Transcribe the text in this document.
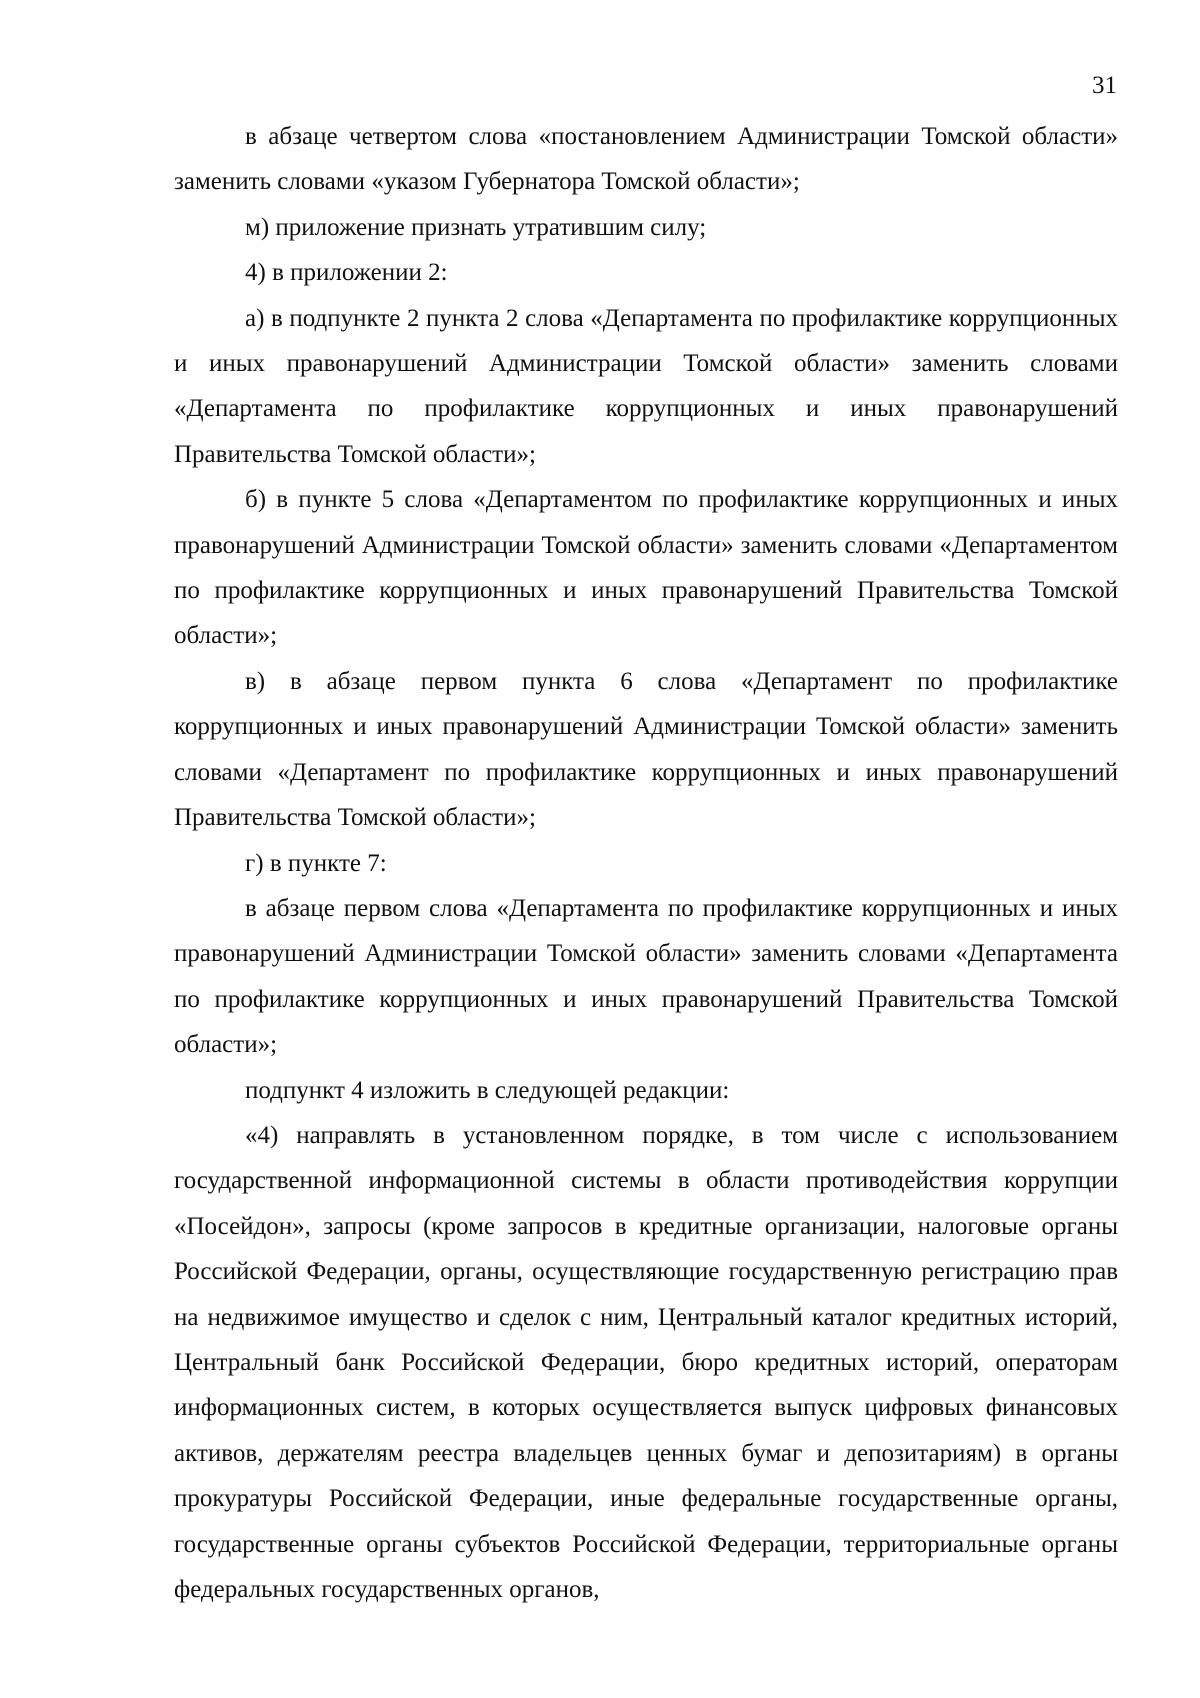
31

в абзаце четвертом слова «постановлением Администрации Томской области» заменить словами «указом Губернатора Томской области»;

м) приложение признать утратившим силу;

4) в приложении 2:

а) в подпункте 2 пункта 2 слова «Департамента по профилактике коррупционных и иных правонарушений Администрации Томской области» заменить словами «Департамента по профилактике коррупционных и иных правонарушений Правительства Томской области»;

б) в пункте 5 слова «Департаментом по профилактике коррупционных и иных правонарушений Администрации Томской области» заменить словами «Департаментом по профилактике коррупционных и иных правонарушений Правительства Томской области»;

в) в абзаце первом пункта 6 слова «Департамент по профилактике коррупционных и иных правонарушений Администрации Томской области» заменить словами «Департамент по профилактике коррупционных и иных правонарушений Правительства Томской области»;

г) в пункте 7:

в абзаце первом слова «Департамента по профилактике коррупционных и иных правонарушений Администрации Томской области» заменить словами «Департамента по профилактике коррупционных и иных правонарушений Правительства Томской области»;

подпункт 4 изложить в следующей редакции:

«4) направлять в установленном порядке, в том числе с использованием государственной информационной системы в области противодействия коррупции «Посейдон», запросы (кроме запросов в кредитные организации, налоговые органы Российской Федерации, органы, осуществляющие государственную регистрацию прав на недвижимое имущество и сделок с ним, Центральный каталог кредитных историй, Центральный банк Российской Федерации, бюро кредитных историй, операторам информационных систем, в которых осуществляется выпуск цифровых финансовых активов, держателям реестра владельцев ценных бумаг и депозитариям) в органы прокуратуры Российской Федерации, иные федеральные государственные органы, государственные органы субъектов Российской Федерации, территориальные органы федеральных государственных органов,
